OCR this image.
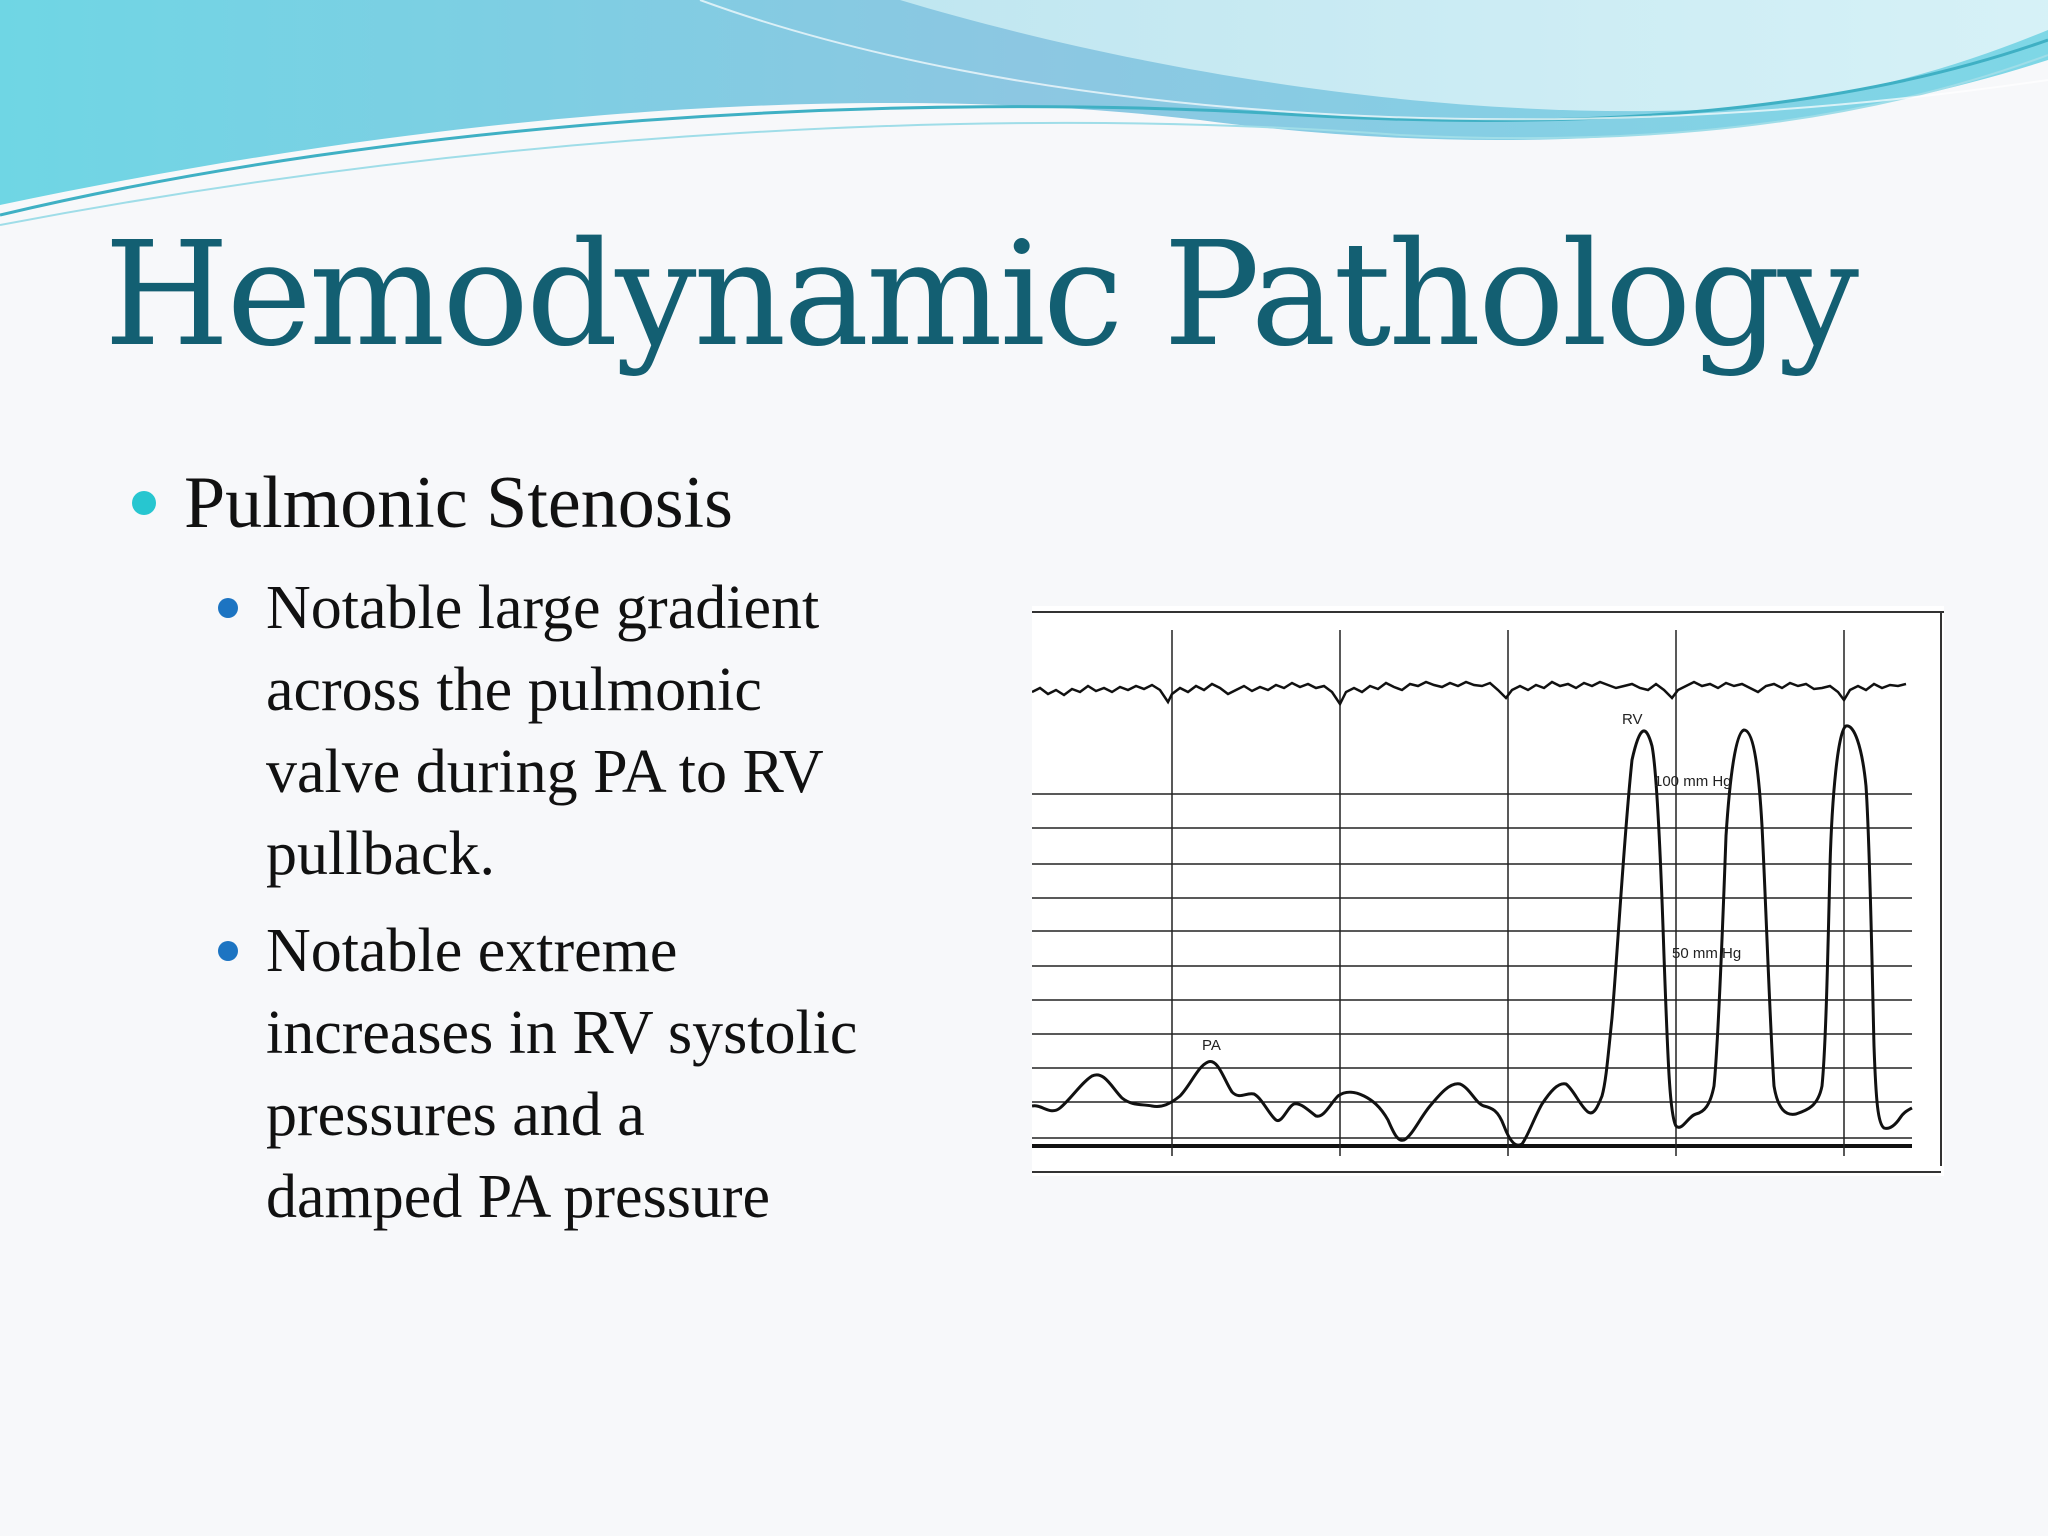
Hemodynamic Pathology

Pulmonic Stenosis

Notable large gradient

across the pulmonic

valve during PA to RV

pullback.

Notable extreme

increases in RV systolic

pressures and a

damped PA pressure

RV
PA
100 mm Hg
50 mm Hg
